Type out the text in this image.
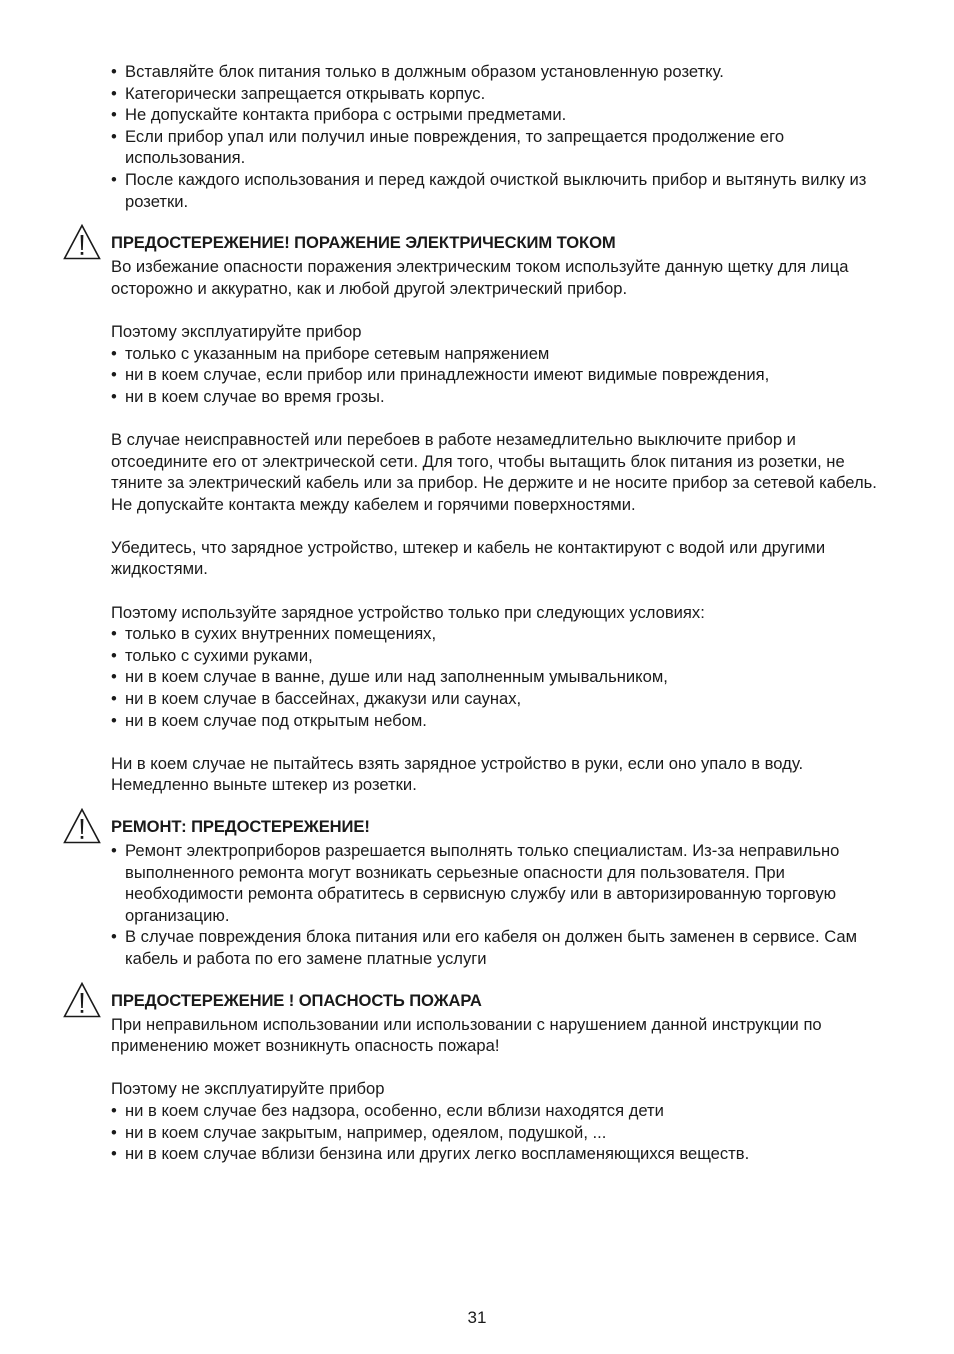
• Вставляйте блок питания только в должным образом установленную розетку.
• Категорически запрещается открывать корпус.
• Не допускайте контакта прибора с острыми предметами.
• Если прибор упал или получил иные повреждения, то запрещается продолжение его использования.
• После каждого использования и перед каждой очисткой выключить прибор и вытянуть вилку из розетки.
ПРЕДОСТЕРЕЖЕНИЕ! ПОРАЖЕНИЕ ЭЛЕКТРИЧЕСКИМ ТОКОМ

Во избежание опасности поражения электрическим током используйте данную щетку для лица осторожно и аккуратно, как и любой другой электрический прибор.

Поэтому эксплуатируйте прибор

• только с указанным на приборе сетевым напряжением
• ни в коем случае, если прибор или принадлежности имеют видимые повреждения,
• ни в коем случае во время грозы.

В случае неисправностей или перебоев в работе незамедлительно выключите прибор и отсоедините его от электрической сети. Для того, чтобы вытащить блок питания из розетки, не тяните за электрический кабель или за прибор. Не держите и не носите прибор за сетевой кабель. Не допускайте контакта между кабелем и горячими поверхностями.

Убедитесь, что зарядное устройство, штекер и кабель не контактируют с водой или другими жидкостями.

Поэтому используйте зарядное устройство только при следующих условиях:

• только в сухих внутренних помещениях,
• только с сухими руками,
• ни в коем случае в ванне, душе или над заполненным умывальником,
• ни в коем случае в бассейнах, джакузи или саунах,
• ни в коем случае под открытым небом.

Ни в коем случае не пытайтесь взять зарядное устройство в руки, если оно упало в воду. Немедленно выньте штекер из розетки.

РЕМОНТ: ПРЕДОСТЕРЕЖЕНИЕ!
• Ремонт электроприборов разрешается выполнять только специалистам. Из-за неправильно выполненного ремонта могут возникать серьезные опасности для пользователя. При необходимости ремонта обратитесь в сервисную службу или в авторизированную торговую организацию.
• В случае повреждения блока питания или его кабеля он должен быть заменен в сервисе. Сам кабель и работа по его замене платные услуги
ПРЕДОСТЕРЕЖЕНИЕ ! ОПАСНОСТЬ ПОЖАРА

При неправильном использовании или использовании с нарушением данной инструкции по применению может возникнуть опасность пожара!

Поэтому не эксплуатируйте прибор

• ни в коем случае без надзора, особенно, если вблизи находятся дети
• ни в коем случае закрытым, например, одеялом, подушкой, ...
• ни в коем случае вблизи бензина или других легко воспламеняющихся веществ.
31
